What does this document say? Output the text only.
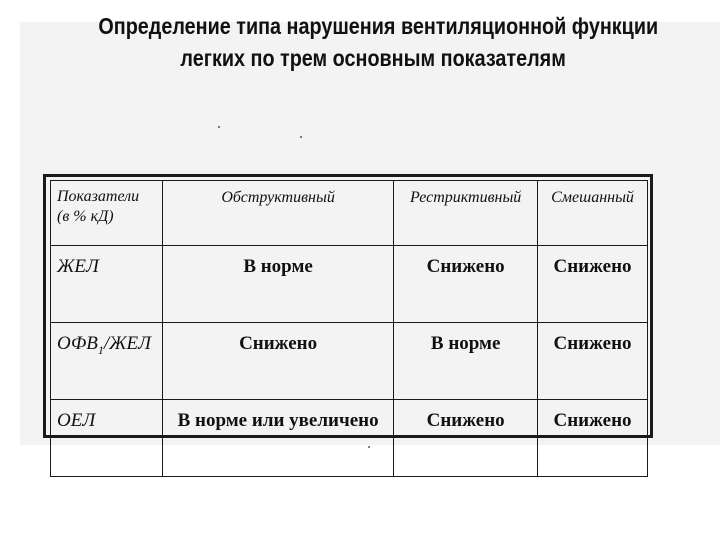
Определение типа нарушения вентиляционной функции
легких по трем основным показателям
Показатели
(в % кД)	Обструктивный	Рестриктивный	Смешанный
ЖЕЛ	В норме	Снижено	Снижено
$ОФВ_1$/ЖЕЛ	Снижено	В норме	Снижено
ОЕЛ	В норме или увеличено	Снижено	Снижено
